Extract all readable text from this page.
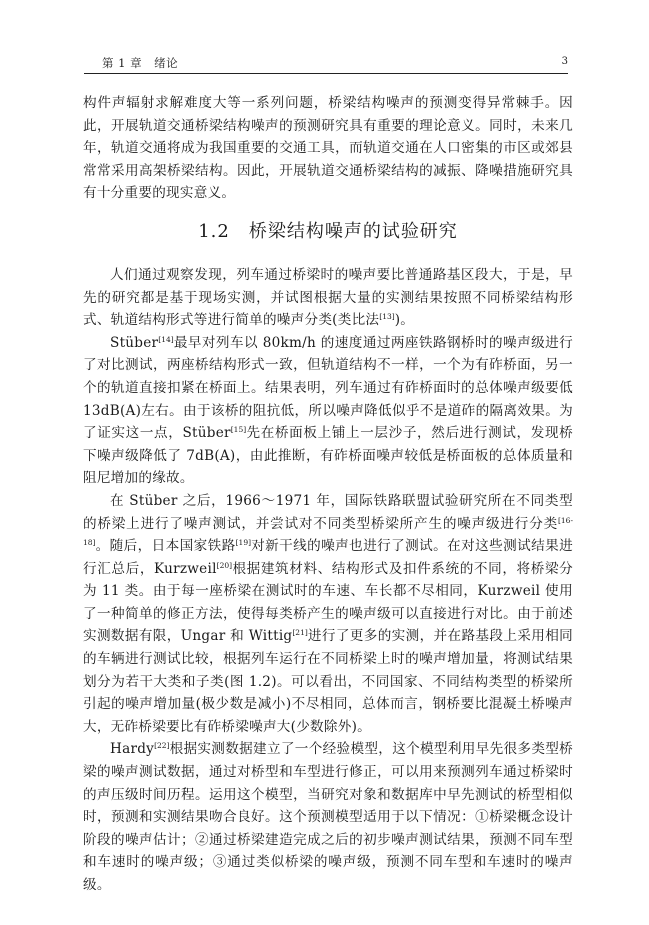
第 1 章　绪论	3

构件声辐射求解难度大等一系列问题，桥梁结构噪声的预测变得异常棘手。因此，开展轨道交通桥梁结构噪声的预测研究具有重要的理论意义。同时，未来几年，轨道交通将成为我国重要的交通工具，而轨道交通在人口密集的市区或郊县常常采用高架桥梁结构。因此，开展轨道交通桥梁结构的减振、降噪措施研究具有十分重要的现实意义。

1.2　桥梁结构噪声的试验研究

人们通过观察发现，列车通过桥梁时的噪声要比普通路基区段大，于是，早先的研究都是基于现场实测，并试图根据大量的实测结果按照不同桥梁结构形式、轨道结构形式等进行简单的噪声分类(类比法[13])。

Stüber[14]最早对列车以 80km/h 的速度通过两座铁路钢桥时的噪声级进行了对比测试，两座桥结构形式一致，但轨道结构不一样，一个为有砟桥面，另一个的轨道直接扣紧在桥面上。结果表明，列车通过有砟桥面时的总体噪声级要低 13dB(A)左右。由于该桥的阻抗低，所以噪声降低似乎不是道砟的隔离效果。为了证实这一点，Stüber[15]先在桥面板上铺上一层沙子，然后进行测试，发现桥下噪声级降低了 7dB(A)，由此推断，有砟桥面噪声较低是桥面板的总体质量和阻尼增加的缘故。

在 Stüber 之后，1966～1971 年，国际铁路联盟试验研究所在不同类型的桥梁上进行了噪声测试，并尝试对不同类型桥梁所产生的噪声级进行分类[16-18]。随后，日本国家铁路[19]对新干线的噪声也进行了测试。在对这些测试结果进行汇总后，Kurzweil[20]根据建筑材料、结构形式及扣件系统的不同，将桥梁分为 11 类。由于每一座桥梁在测试时的车速、车长都不尽相同，Kurzweil 使用了一种简单的修正方法，使得每类桥产生的噪声级可以直接进行对比。由于前述实测数据有限，Ungar 和 Wittig[21]进行了更多的实测，并在路基段上采用相同的车辆进行测试比较，根据列车运行在不同桥梁上时的噪声增加量，将测试结果划分为若干大类和子类(图 1.2)。可以看出，不同国家、不同结构类型的桥梁所引起的噪声增加量(极少数是减小)不尽相同，总体而言，钢桥要比混凝土桥噪声大，无砟桥梁要比有砟桥梁噪声大(少数除外)。

Hardy[22]根据实测数据建立了一个经验模型，这个模型利用早先很多类型桥梁的噪声测试数据，通过对桥型和车型进行修正，可以用来预测列车通过桥梁时的声压级时间历程。运用这个模型，当研究对象和数据库中早先测试的桥型相似时，预测和实测结果吻合良好。这个预测模型适用于以下情况：①桥梁概念设计阶段的噪声估计；②通过桥梁建造完成之后的初步噪声测试结果，预测不同车型和车速时的噪声级；③通过类似桥梁的噪声级，预测不同车型和车速时的噪声级。
